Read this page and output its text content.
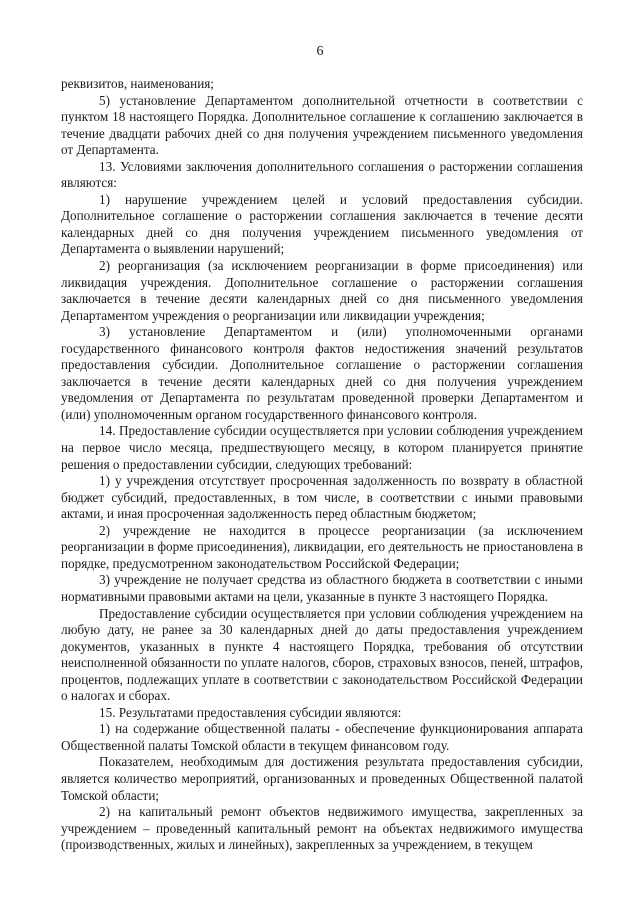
6

реквизитов, наименования;

5) установление Департаментом дополнительной отчетности в соответствии с пунктом 18 настоящего Порядка. Дополнительное соглашение к соглашению заключается в течение двадцати рабочих дней со дня получения учреждением письменного уведомления от Департамента.

13. Условиями заключения дополнительного соглашения о расторжении соглашения являются:

1) нарушение учреждением целей и условий предоставления субсидии. Дополнительное соглашение о расторжении соглашения заключается в течение десяти календарных дней со дня получения учреждением письменного уведомления от Департамента о выявлении нарушений;

2) реорганизация (за исключением реорганизации в форме присоединения) или ликвидация учреждения. Дополнительное соглашение о расторжении соглашения заключается в течение десяти календарных дней со дня письменного уведомления Департаментом учреждения о реорганизации или ликвидации учреждения;

3) установление Департаментом и (или) уполномоченными органами государственного финансового контроля фактов недостижения значений результатов предоставления субсидии. Дополнительное соглашение о расторжении соглашения заключается в течение десяти календарных дней со дня получения учреждением уведомления от Департамента по результатам проведенной проверки Департаментом и (или) уполномоченным органом государственного финансового контроля.

14. Предоставление субсидии осуществляется при условии соблюдения учреждением на первое число месяца, предшествующего месяцу, в котором планируется принятие решения о предоставлении субсидии, следующих требований:

1) у учреждения отсутствует просроченная задолженность по возврату в областной бюджет субсидий, предоставленных, в том числе, в соответствии с иными правовыми актами, и иная просроченная задолженность перед областным бюджетом;

2) учреждение не находится в процессе реорганизации (за исключением реорганизации в форме присоединения), ликвидации, его деятельность не приостановлена в порядке, предусмотренном законодательством Российской Федерации;

3) учреждение не получает средства из областного бюджета в соответствии с иными нормативными правовыми актами на цели, указанные в пункте 3 настоящего Порядка.

Предоставление субсидии осуществляется при условии соблюдения учреждением на любую дату, не ранее за 30 календарных дней до даты предоставления учреждением документов, указанных в пункте 4 настоящего Порядка, требования об отсутствии неисполненной обязанности по уплате налогов, сборов, страховых взносов, пеней, штрафов, процентов, подлежащих уплате в соответствии с законодательством Российской Федерации о налогах и сборах.

15. Результатами предоставления субсидии являются:

1) на содержание общественной палаты - обеспечение функционирования аппарата Общественной палаты Томской области в текущем финансовом году.

Показателем, необходимым для достижения результата предоставления субсидии, является количество мероприятий, организованных и проведенных Общественной палатой Томской области;

2) на капитальный ремонт объектов недвижимого имущества, закрепленных за учреждением – проведенный капитальный ремонт на объектах недвижимого имущества (производственных, жилых и линейных), закрепленных за учреждением, в текущем
